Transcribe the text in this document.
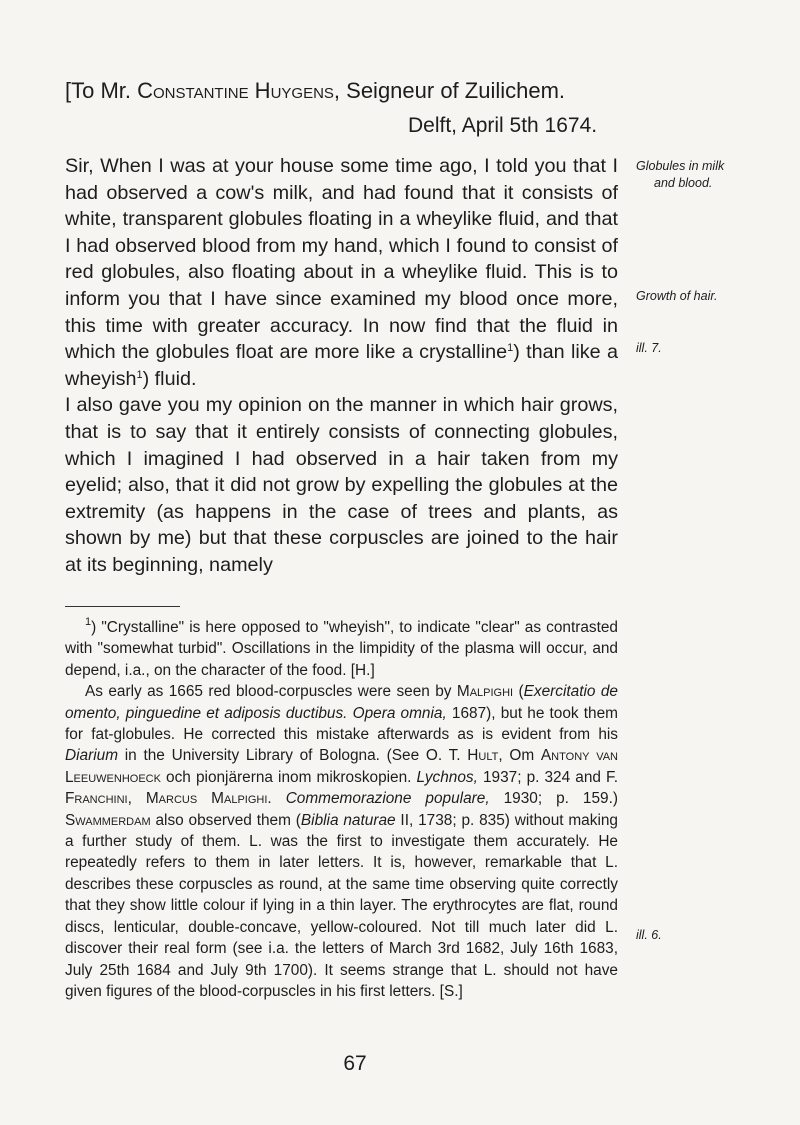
[To Mr. Constantine Huygens, Seigneur of Zuilichem.
Delft, April 5th 1674.

Sir, When I was at your house some time ago, I told you that I had observed a cow's milk, and had found that it consists of white, transparent globules floating in a wheylike fluid, and that I had observed blood from my hand, which I found to consist of red globules, also floating about in a wheylike fluid. This is to inform you that I have since examined my blood once more, this time with greater accuracy. In now find that the fluid in which the globules float are more like a crystalline$^1$) than like a wheyish$^1$) fluid.

I also gave you my opinion on the manner in which hair grows, that is to say that it entirely consists of connecting globules, which I imagined I had observed in a hair taken from my eyelid; also, that it did not grow by expelling the globules at the extremity (as happens in the case of trees and plants, as shown by me) but that these corpuscles are joined to the hair at its beginning, namely

Globules in milk
and blood.
Growth of hair.
ill. 7.
ill. 6.

$^1$) "Crystalline" is here opposed to "wheyish", to indicate "clear" as contrasted with "somewhat turbid". Oscillations in the limpidity of the plasma will occur, and depend, i.a., on the character of the food. [H.]

As early as 1665 red blood-corpuscles were seen by Malpighi (Exercitatio de omento, pinguedine et adiposis ductibus. Opera omnia, 1687), but he took them for fat-globules. He corrected this mistake afterwards as is evident from his Diarium in the University Library of Bologna. (See O. T. Hult, Om Antony van Leeuwenhoeck och pionjärerna inom mikroskopien. Lychnos, 1937; p. 324 and F. Franchini, Marcus Malpighi. Commemorazione populare, 1930; p. 159.) Swammerdam also observed them (Biblia naturae II, 1738; p. 835) without making a further study of them. L. was the first to investigate them accurately. He repeatedly refers to them in later letters. It is, however, remarkable that L. describes these corpuscles as round, at the same time observing quite correctly that they show little colour if lying in a thin layer. The erythrocytes are flat, round discs, lenticular, double-concave, yellow-coloured. Not till much later did L. discover their real form (see i.a. the letters of March 3rd 1682, July 16th 1683, July 25th 1684 and July 9th 1700). It seems strange that L. should not have given figures of the blood-corpuscles in his first letters. [S.]

67
